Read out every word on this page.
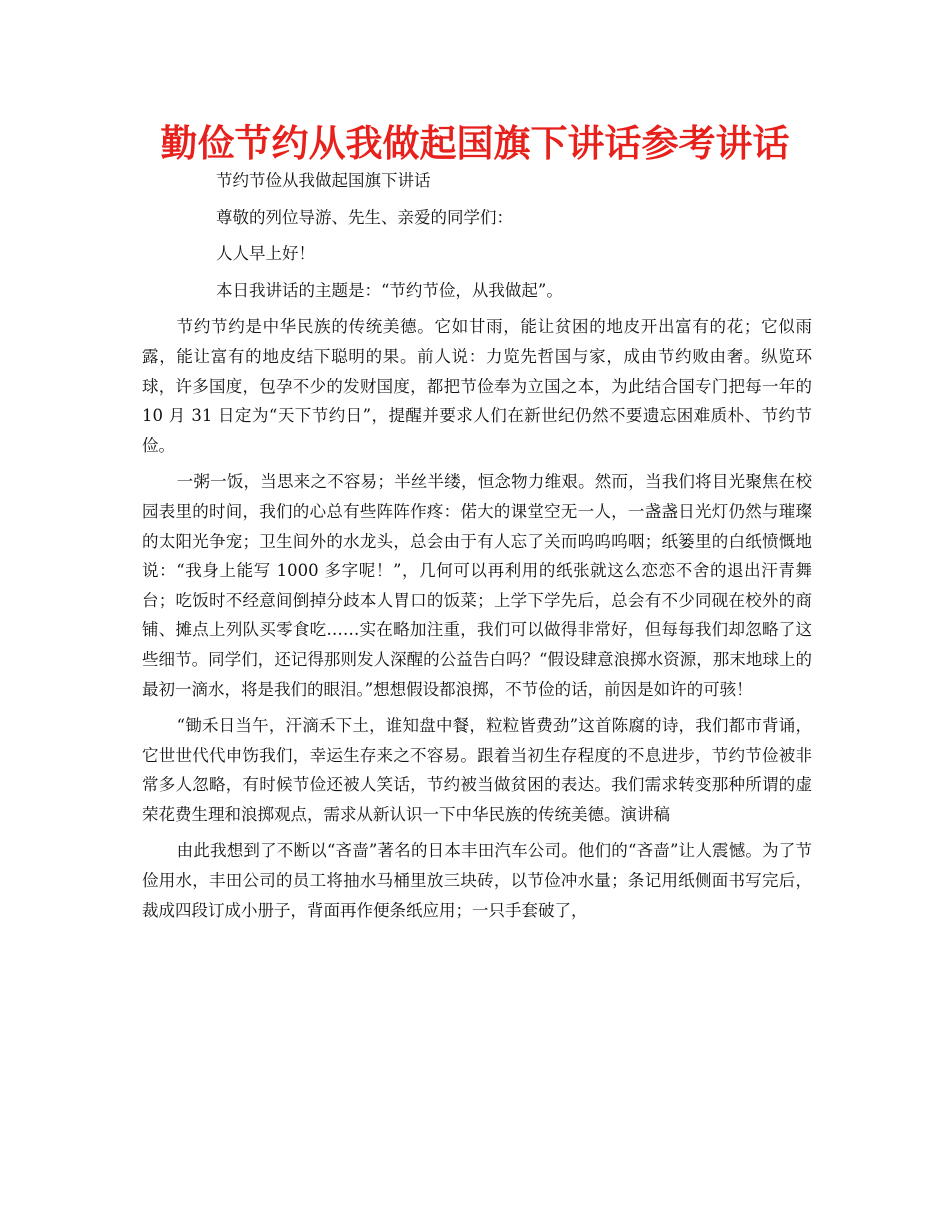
勤俭节约从我做起国旗下讲话参考讲话

节约节俭从我做起国旗下讲话

尊敬的列位导游、先生、亲爱的同学们：

人人早上好！

本日我讲话的主题是：“节约节俭，从我做起”。

节约节约是中华民族的传统美德。它如甘雨，能让贫困的地皮开出富有的花；它似雨露，能让富有的地皮结下聪明的果。前人说：力览先哲国与家，成由节约败由奢。纵览环球，许多国度，包孕不少的发财国度，都把节俭奉为立国之本，为此结合国专门把每一年的 10 月 31 日定为“天下节约日”，提醒并要求人们在新世纪仍然不要遗忘困难质朴、节约节俭。

一粥一饭，当思来之不容易；半丝半缕，恒念物力维艰。然而，当我们将目光聚焦在校园表里的时间，我们的心总有些阵阵作疼：偌大的课堂空无一人，一盏盏日光灯仍然与璀璨的太阳光争宠；卫生间外的水龙头，总会由于有人忘了关而呜呜呜咽；纸篓里的白纸愤慨地说：“我身上能写 1000 多字呢！”，几何可以再利用的纸张就这么恋恋不舍的退出汗青舞台；吃饭时不经意间倒掉分歧本人胃口的饭菜；上学下学先后，总会有不少同砚在校外的商铺、摊点上列队买零食吃……实在略加注重，我们可以做得非常好，但每每我们却忽略了这些细节。同学们，还记得那则发人深醒的公益告白吗？“假设肆意浪掷水资源，那末地球上的最初一滴水，将是我们的眼泪。”想想假设都浪掷，不节俭的话，前因是如许的可骇！

“锄禾日当午，汗滴禾下土，谁知盘中餐，粒粒皆费劲”这首陈腐的诗，我们都市背诵，它世世代代申饬我们，幸运生存来之不容易。跟着当初生存程度的不息进步，节约节俭被非常多人忽略，有时候节俭还被人笑话，节约被当做贫困的表达。我们需求转变那种所谓的虚荣花费生理和浪掷观点，需求从新认识一下中华民族的传统美德。演讲稿

由此我想到了不断以“吝啬”著名的日本丰田汽车公司。他们的“吝啬”让人震憾。为了节俭用水，丰田公司的员工将抽水马桶里放三块砖，以节俭冲水量；条记用纸侧面书写完后，裁成四段订成小册子，背面再作便条纸应用；一只手套破了，
